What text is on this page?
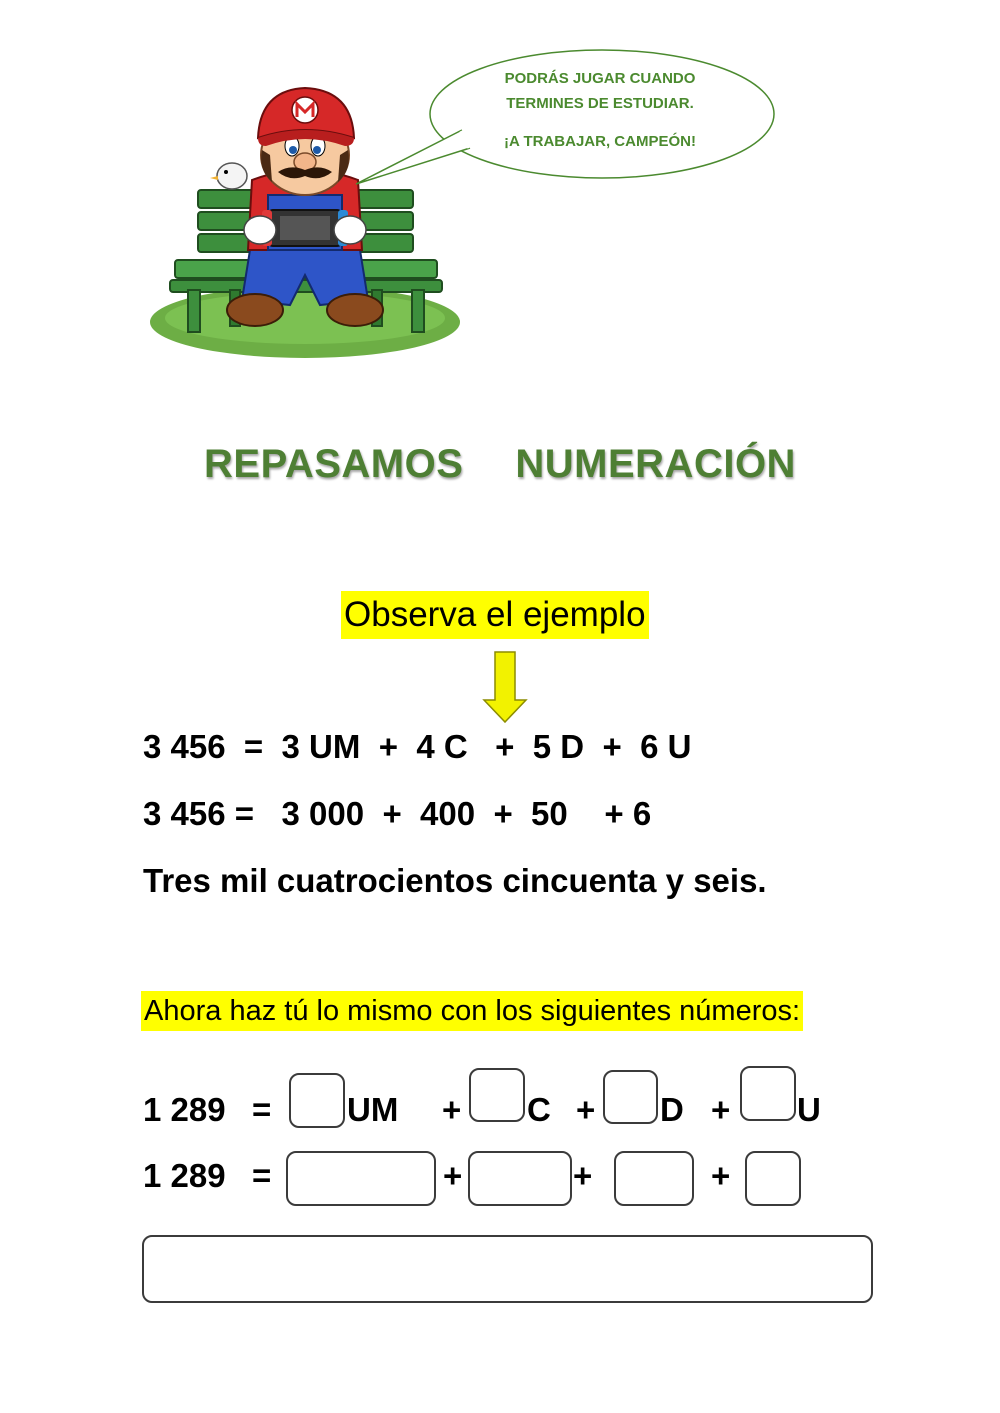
PODRÁS JUGAR CUANDO
TERMINES DE ESTUDIAR.
¡A TRABAJAR, CAMPEÓN!
REPASAMOS NUMERACIÓN
Observa el ejemplo
3 456  =  3 UM  +  4 C   +  5 D  +  6 U
3 456 =   3 000  +  400  +  50    + 6
Tres mil cuatrocientos cincuenta y seis.
Ahora haz tú lo mismo con los siguientes números:
1 289 = UM + C + D + U
1 289 =	+	+	+
